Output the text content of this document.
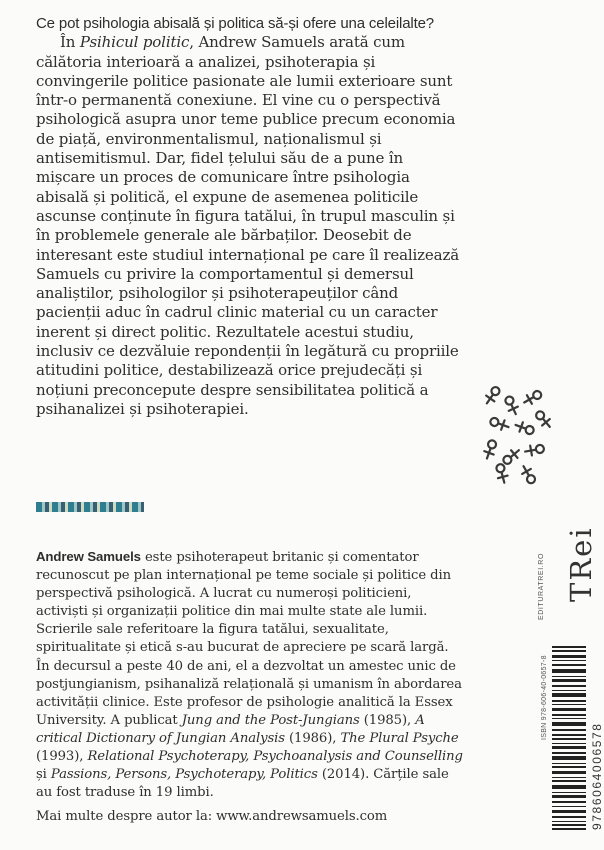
Ce pot psihologia abisală și politica să-și ofere una celeilalte?

În Psihicul politic, Andrew Samuels arată cum călătoria interioară a analizei, psihoterapia și convingerile politice pasionate ale lumii exterioare sunt într-o permanentă conexiune. El vine cu o perspectivă psihologică asupra unor teme publice precum economia de piață, environmentalismul, naționalismul și antisemitismul. Dar, fidel țelului său de a pune în mișcare un proces de comunicare între psihologia abisală și politică, el expune de asemenea politicile ascunse conținute în figura tatălui, în trupul masculin și în problemele generale ale bărbaților. Deosebit de interesant este studiul internațional pe care îl realizează Samuels cu privire la comportamentul și demersul analiștilor, psihologilor și psihoterapeuților când pacienții aduc în cadrul clinic material cu un caracter inerent și direct politic. Rezultatele acestui studiu, inclusiv ce dezvăluie repondenții în legătură cu propriile atitudini politice, destabilizează orice prejudecăți și noțiuni preconcepute despre sensibilitatea politică a psihanalizei și psihoterapiei.

Andrew Samuels este psihoterapeut britanic și comentator recunoscut pe plan internațional pe teme sociale și politice din perspectivă psihologică. A lucrat cu numeroși politicieni, activiști și organizații politice din mai multe state ale lumii. Scrierile sale referitoare la figura tatălui, sexualitate, spiritualitate și etică s-au bucurat de apreciere pe scară largă. În decursul a peste 40 de ani, el a dezvoltat un amestec unic de postjungianism, psihanaliză relațională și umanism în abordarea activității clinice. Este profesor de psihologie analitică la Essex University. A publicat Jung and the Post-Jungians (1985), A critical Dictionary of Jungian Analysis (1986), The Plural Psyche (1993), Relational Psychoterapy, Psychoanalysis and Counselling și Passions, Persons, Psychoterapy, Politics (2014). Cărțile sale au fost traduse în 19 limbi.

Mai multe despre autor la: www.andrewsamuels.com

EDITURATREI.RO TRei
ISBN 978-606-40-0657-8
9786064006578
